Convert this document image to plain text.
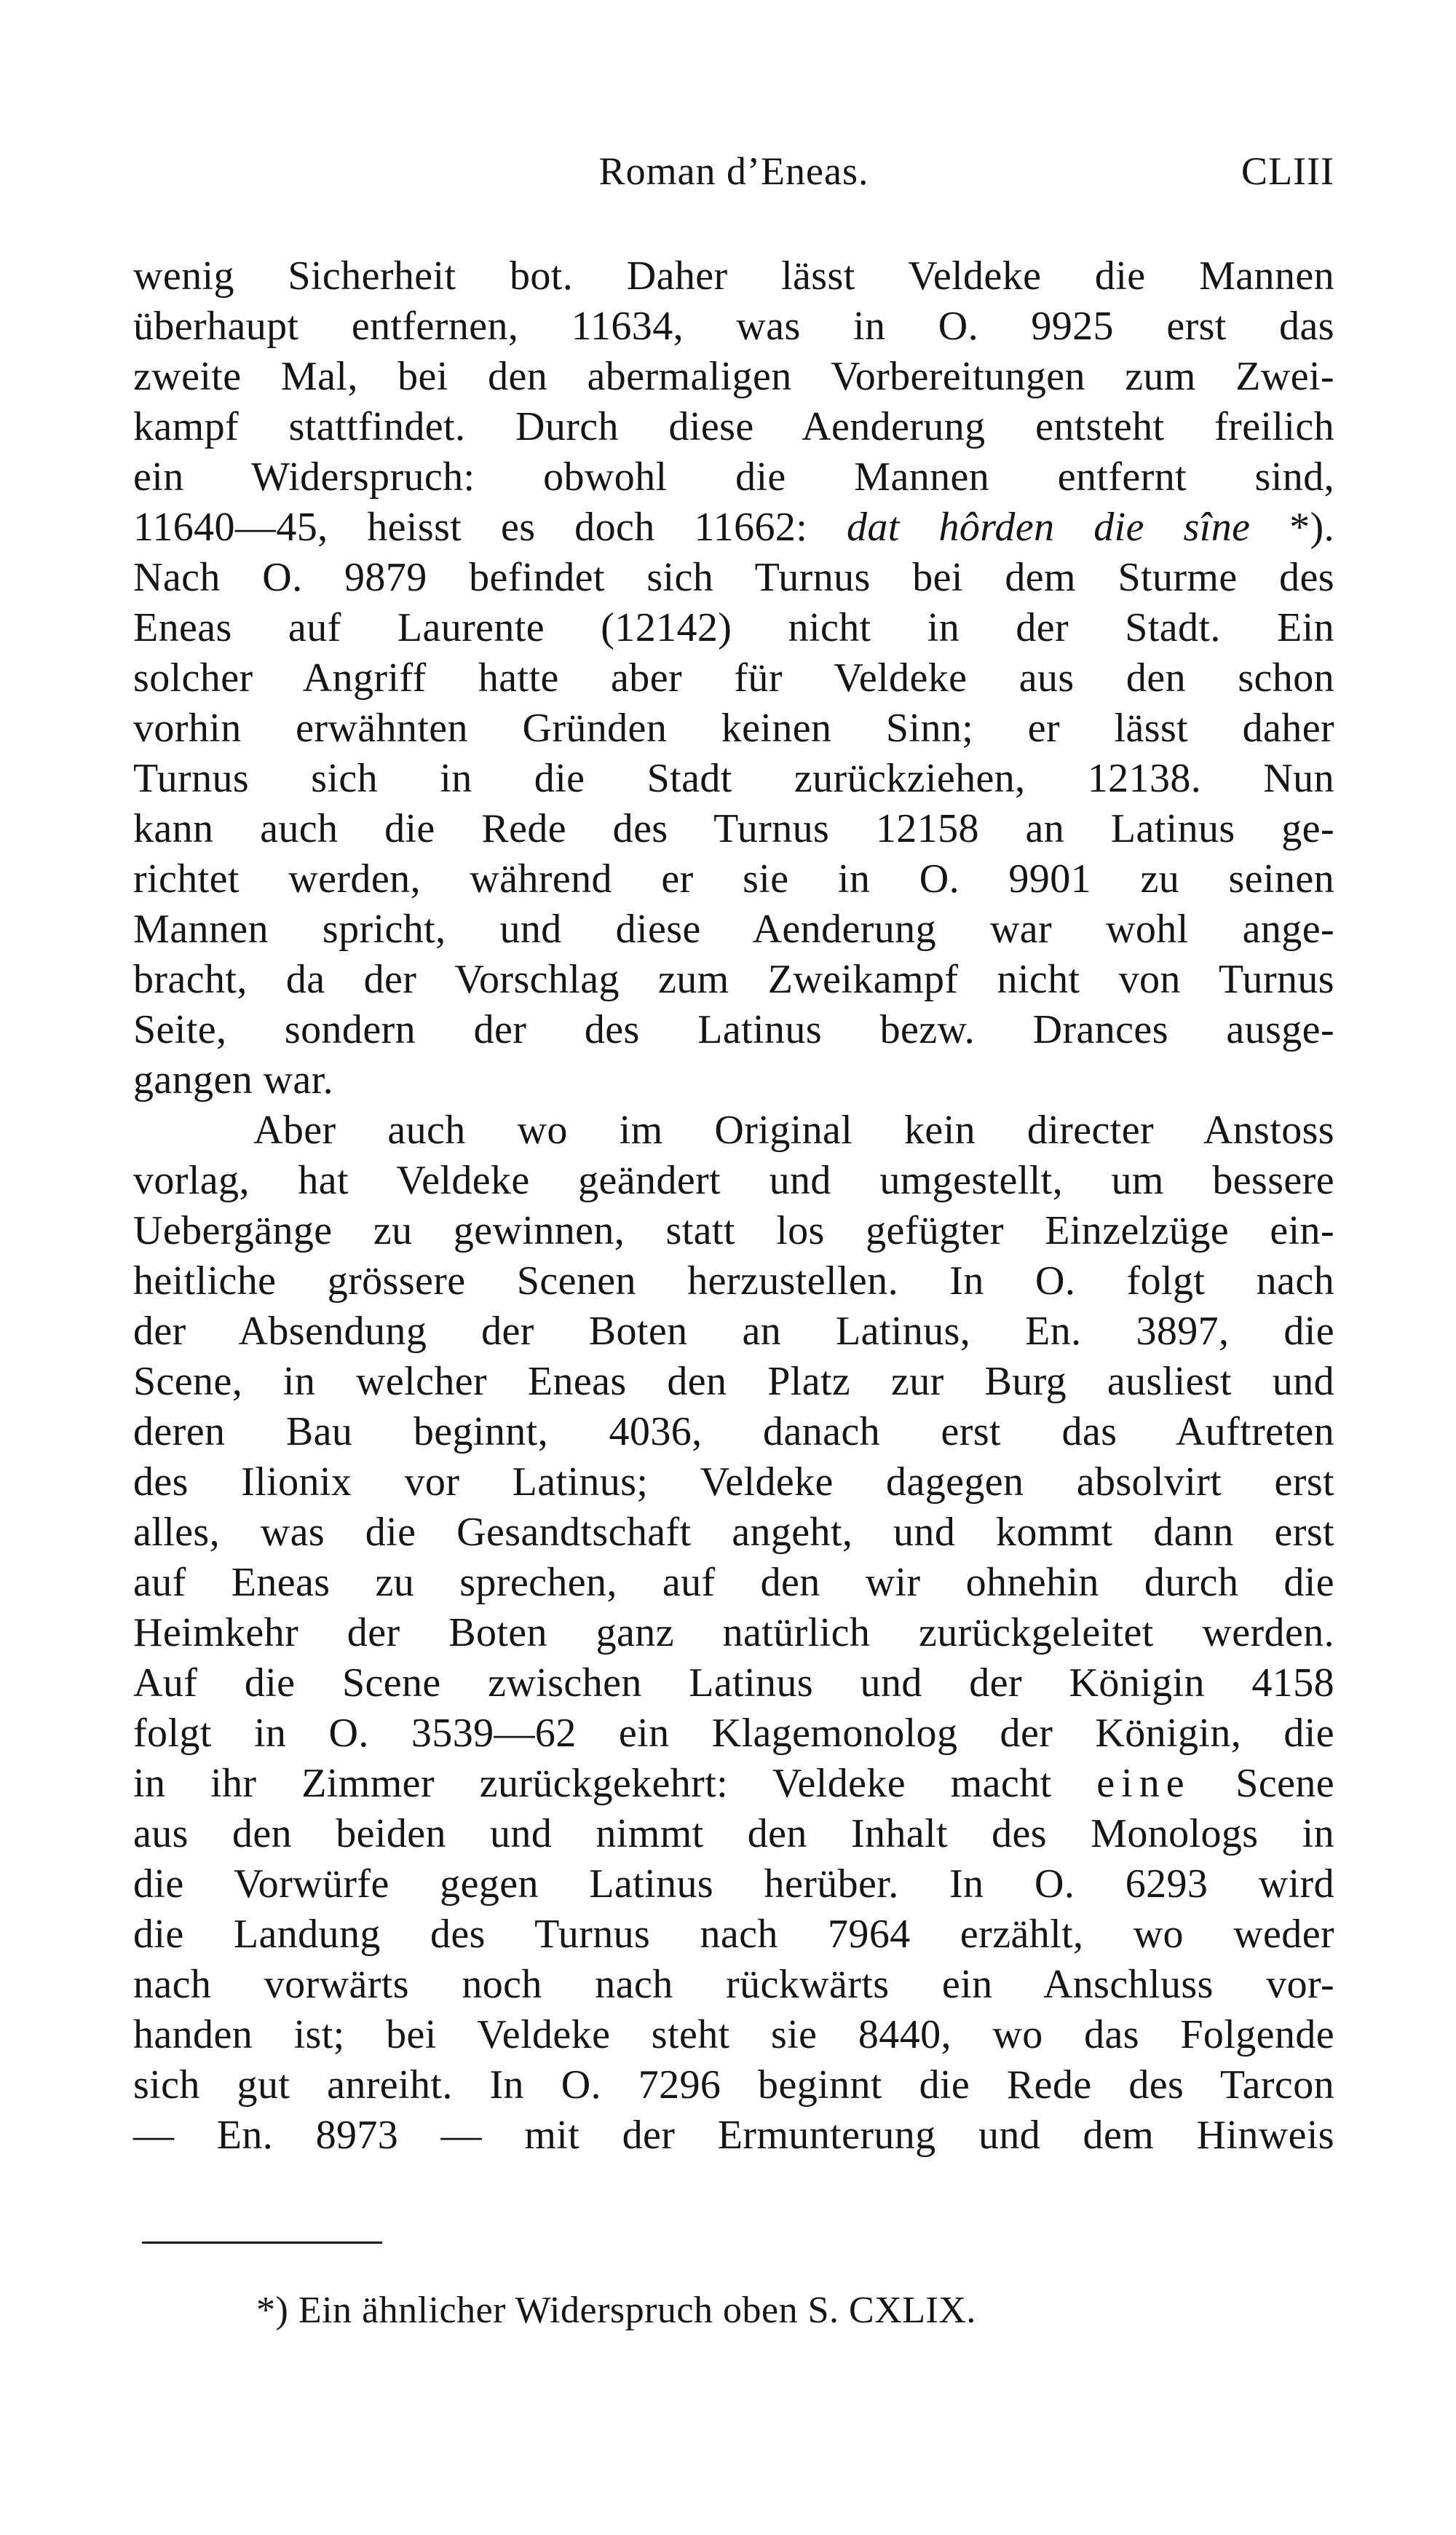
Roman d’Eneas.	CLIII
wenig Sicherheit bot. Daher lässt Veldeke die Mannen
überhaupt entfernen, 11634, was in O. 9925 erst das
zweite Mal, bei den abermaligen Vorbereitungen zum Zwei-
kampf stattfindet. Durch diese Aenderung entsteht freilich
ein Widerspruch: obwohl die Mannen entfernt sind,
11640—45, heisst es doch 11662: dat hôrden die sîne *).
Nach O. 9879 befindet sich Turnus bei dem Sturme des
Eneas auf Laurente (12142) nicht in der Stadt. Ein
solcher Angriff hatte aber für Veldeke aus den schon
vorhin erwähnten Gründen keinen Sinn; er lässt daher
Turnus sich in die Stadt zurückziehen, 12138. Nun
kann auch die Rede des Turnus 12158 an Latinus ge-
richtet werden, während er sie in O. 9901 zu seinen
Mannen spricht, und diese Aenderung war wohl ange-
bracht, da der Vorschlag zum Zweikampf nicht von Turnus
Seite, sondern der des Latinus bezw. Drances ausge-
gangen war.
Aber auch wo im Original kein directer Anstoss
vorlag, hat Veldeke geändert und umgestellt, um bessere
Uebergänge zu gewinnen, statt los gefügter Einzelzüge ein-
heitliche grössere Scenen herzustellen. In O. folgt nach
der Absendung der Boten an Latinus, En. 3897, die
Scene, in welcher Eneas den Platz zur Burg ausliest und
deren Bau beginnt, 4036, danach erst das Auftreten
des Ilionix vor Latinus; Veldeke dagegen absolvirt erst
alles, was die Gesandtschaft angeht, und kommt dann erst
auf Eneas zu sprechen, auf den wir ohnehin durch die
Heimkehr der Boten ganz natürlich zurückgeleitet werden.
Auf die Scene zwischen Latinus und der Königin 4158
folgt in O. 3539—62 ein Klagemonolog der Königin, die
in ihr Zimmer zurückgekehrt: Veldeke macht eine Scene
aus den beiden und nimmt den Inhalt des Monologs in
die Vorwürfe gegen Latinus herüber. In O. 6293 wird
die Landung des Turnus nach 7964 erzählt, wo weder
nach vorwärts noch nach rückwärts ein Anschluss vor-
handen ist; bei Veldeke steht sie 8440, wo das Folgende
sich gut anreiht. In O. 7296 beginnt die Rede des Tarcon
— En. 8973 — mit der Ermunterung und dem Hinweis
*) Ein ähnlicher Widerspruch oben S. CXLIX.
